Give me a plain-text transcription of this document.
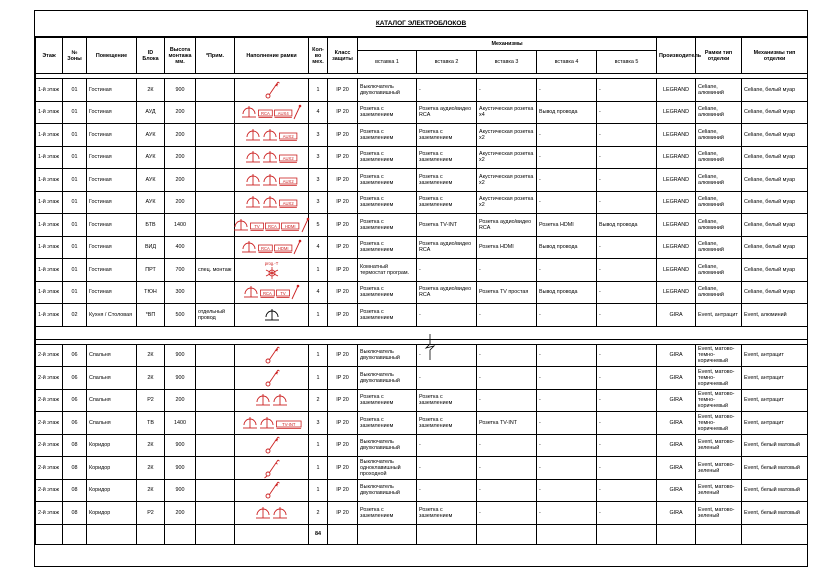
КАТАЛОГ ЭЛЕКТРОБЛОКОВ
Этаж	№ Зоны	Помещение	ID Блока	Высота монтажа мм.	*Прим.	Наполнение рамки	Кол-во мех.	Класс защиты	Механизмы					Производитель	Рамки тип отделки	Механизмы тип отделки
									вставка 1	вставка 2	вставка 3	вставка 4	вставка 5			

1-й этаж	01	Гостиная	2К	900			1	IP 20	Выключатель двухклавишный	-	-	-	-	LEGRAND	Celiane, алюминий	Celiane, белый муар
1-й этаж	01	Гостиная	АУД	200		RCA AUX4	4	IP 20	Розетка с заземлением	Розетка аудио/видео RCA	Акустическая розетка x4	Вывод провода	-	LEGRAND	Celiane, алюминий	Celiane, белый муар
1-й этаж	01	Гостиная	АУК	200		AUX2	3	IP 20	Розетка с заземлением	Розетка с заземлением	Акустическая розетка x2	-	-	LEGRAND	Celiane, алюминий	Celiane, белый муар
1-й этаж	01	Гостиная	АУК	200		AUX2	3	IP 20	Розетка с заземлением	Розетка с заземлением	Акустическая розетка x2	-	-	LEGRAND	Celiane, алюминий	Celiane, белый муар
1-й этаж	01	Гостиная	АУК	200		AUX2	3	IP 20	Розетка с заземлением	Розетка с заземлением	Акустическая розетка x2	-	-	LEGRAND	Celiane, алюминий	Celiane, белый муар
1-й этаж	01	Гостиная	АУК	200		AUX2	3	IP 20	Розетка с заземлением	Розетка с заземлением	Акустическая розетка x2	-	-	LEGRAND	Celiane, алюминий	Celiane, белый муар
1-й этаж	01	Гостиная	БТВ	1400		TV RCA HDMI	5	IP 20	Розетка с заземлением	Розетка TV-INT	Розетка аудио/видео RCA	Розетка HDMI	Вывод провода	LEGRAND	Celiane, алюминий	Celiane, белый муар
1-й этаж	01	Гостиная	ВИД	400		RCA HDMI	4	IP 20	Розетка с заземлением	Розетка аудио/видео RCA	Розетка HDMI	Вывод провода	-	LEGRAND	Celiane, алюминий	Celiane, белый муар
1-й этаж	01	Гостиная	ПРТ	700	спец. монтаж	prog.-T	1	IP 20	Комнатный термостат програм.	-	-	-	-	LEGRAND	Celiane, алюминий	Celiane, белый муар
1-й этаж	01	Гостиная	ТЮН	300		RCA TV	4	IP 20	Розетка с заземлением	Розетка аудио/видео RCA	Розетка TV простая	Вывод провода	-	LEGRAND	Celiane, алюминий	Celiane, белый муар
1-й этаж	02	Кухня / Столовая	*ВП	500	отдельный провод		1	IP 20	Розетка с заземлением	-	-	-	-	GIRA	Event, антрацит	Event, алюминий

2-й этаж	06	Спальня	2К	900			1	IP 20	Выключатель двухклавишный	-	-	-	-	GIRA	Event, матово-темно-коричневый	Event, антрацит
2-й этаж	06	Спальня	2К	900			1	IP 20	Выключатель двухклавишный	-	-	-	-	GIRA	Event, матово-темно-коричневый	Event, антрацит
2-й этаж	06	Спальня	Р2	200			2	IP 20	Розетка с заземлением	Розетка с заземлением	-	-	-	GIRA	Event, матово-темно-коричневый	Event, антрацит
2-й этаж	06	Спальня	ТВ	1400		TV-INT	3	IP 20	Розетка с заземлением	Розетка с заземлением	Розетка TV-INT	-	-	GIRA	Event, матово-темно-коричневый	Event, антрацит
2-й этаж	08	Коридор	2К	900			1	IP 20	Выключатель двухклавишный	-	-	-	-	GIRA	Event, матово-зеленый	Event, белый матовый
2-й этаж	08	Коридор	2К	900			1	IP 20	Выключатель одноклавишный проходной	-	-	-	-	GIRA	Event, матово-зеленый	Event, белый матовый
2-й этаж	08	Коридор	2К	900			1	IP 20	Выключатель двухклавишный	-	-	-	-	GIRA	Event, матово-зеленый	Event, белый матовый
2-й этаж	08	Коридор	Р2	200			2	IP 20	Розетка с заземлением	Розетка с заземлением	-	-	-	GIRA	Event, матово-зеленый	Event, белый матовый
							84									
